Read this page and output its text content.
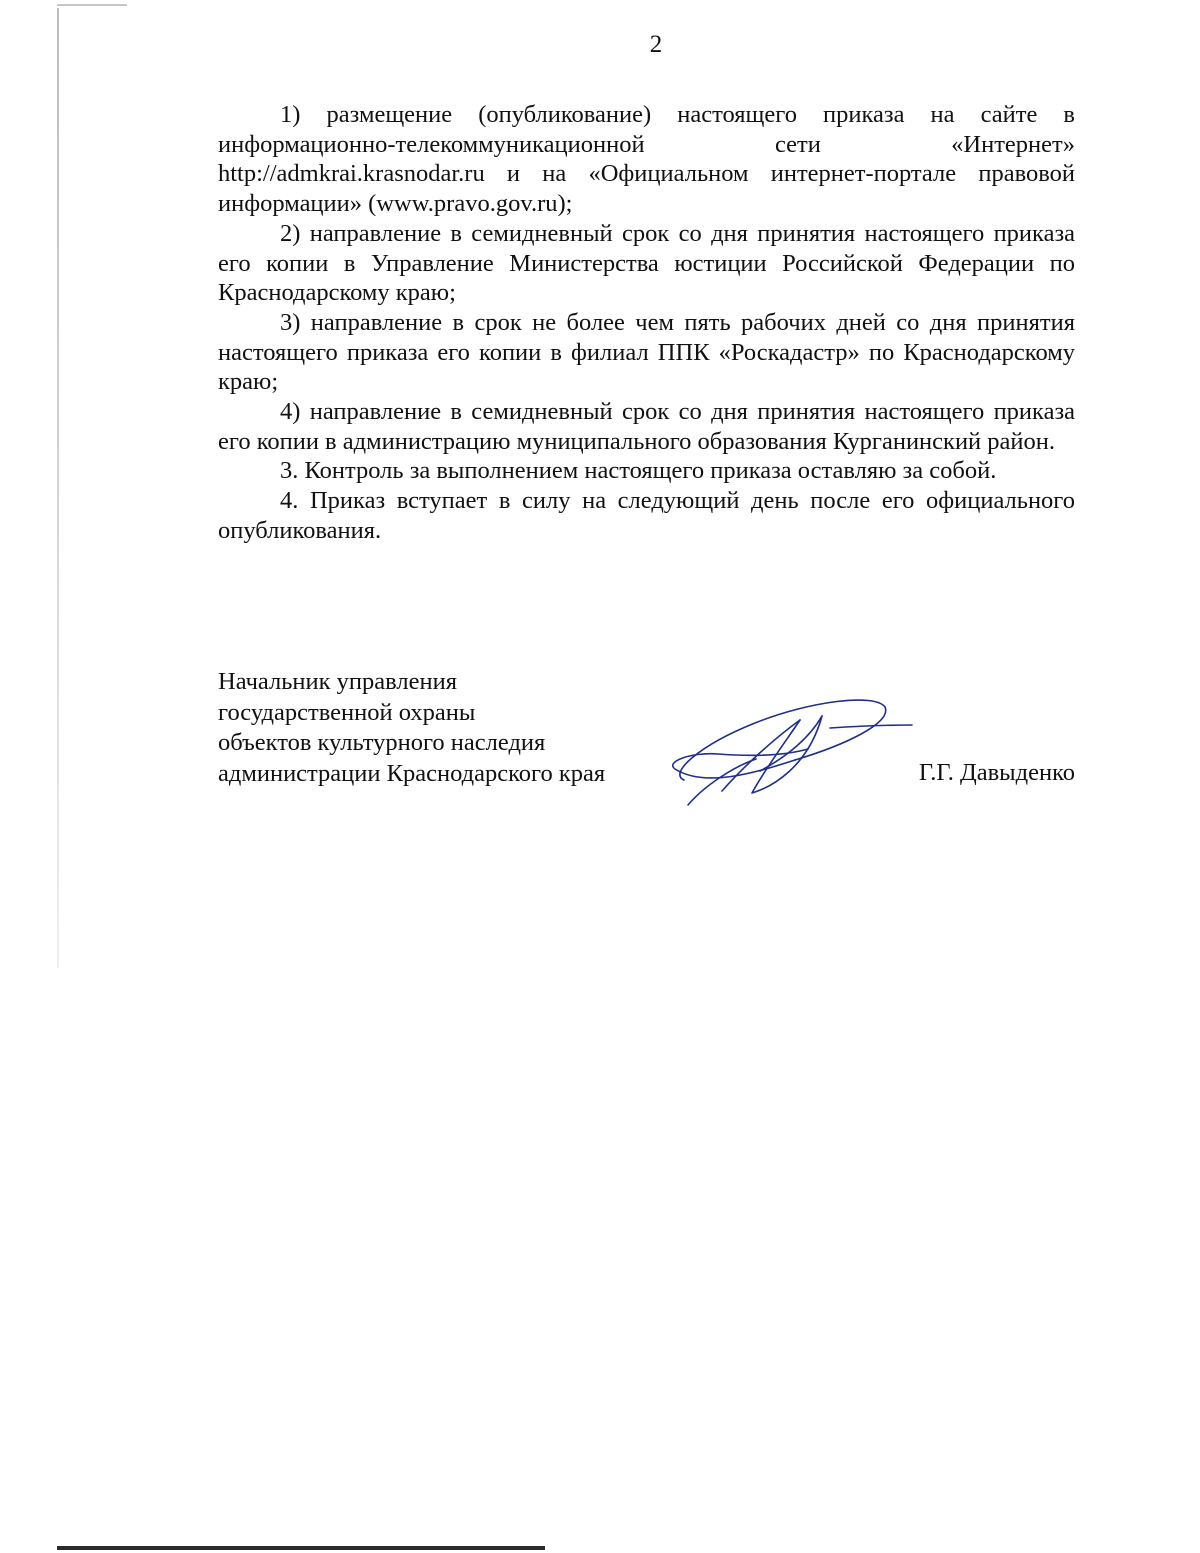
2

1) размещение (опубликование) настоящего приказа на сайте в информационно-телекоммуникационной сети «Интернет» http://admkrai.krasnodar.ru и на «Официальном интернет-портале правовой информации» (www.pravo.gov.ru);

2) направление в семидневный срок со дня принятия настоящего приказа его копии в Управление Министерства юстиции Российской Федерации по Краснодарскому краю;

3) направление в срок не более чем пять рабочих дней со дня принятия настоящего приказа его копии в филиал ППК «Роскадастр» по Краснодарскому краю;

4) направление в семидневный срок со дня принятия настоящего приказа его копии в администрацию муниципального образования Курганинский район.

3. Контроль за выполнением настоящего приказа оставляю за собой.

4. Приказ вступает в силу на следующий день после его официального опубликования.

Начальник управления
государственной охраны
объектов культурного наследия
администрации Краснодарского края	Г.Г. Давыденко
